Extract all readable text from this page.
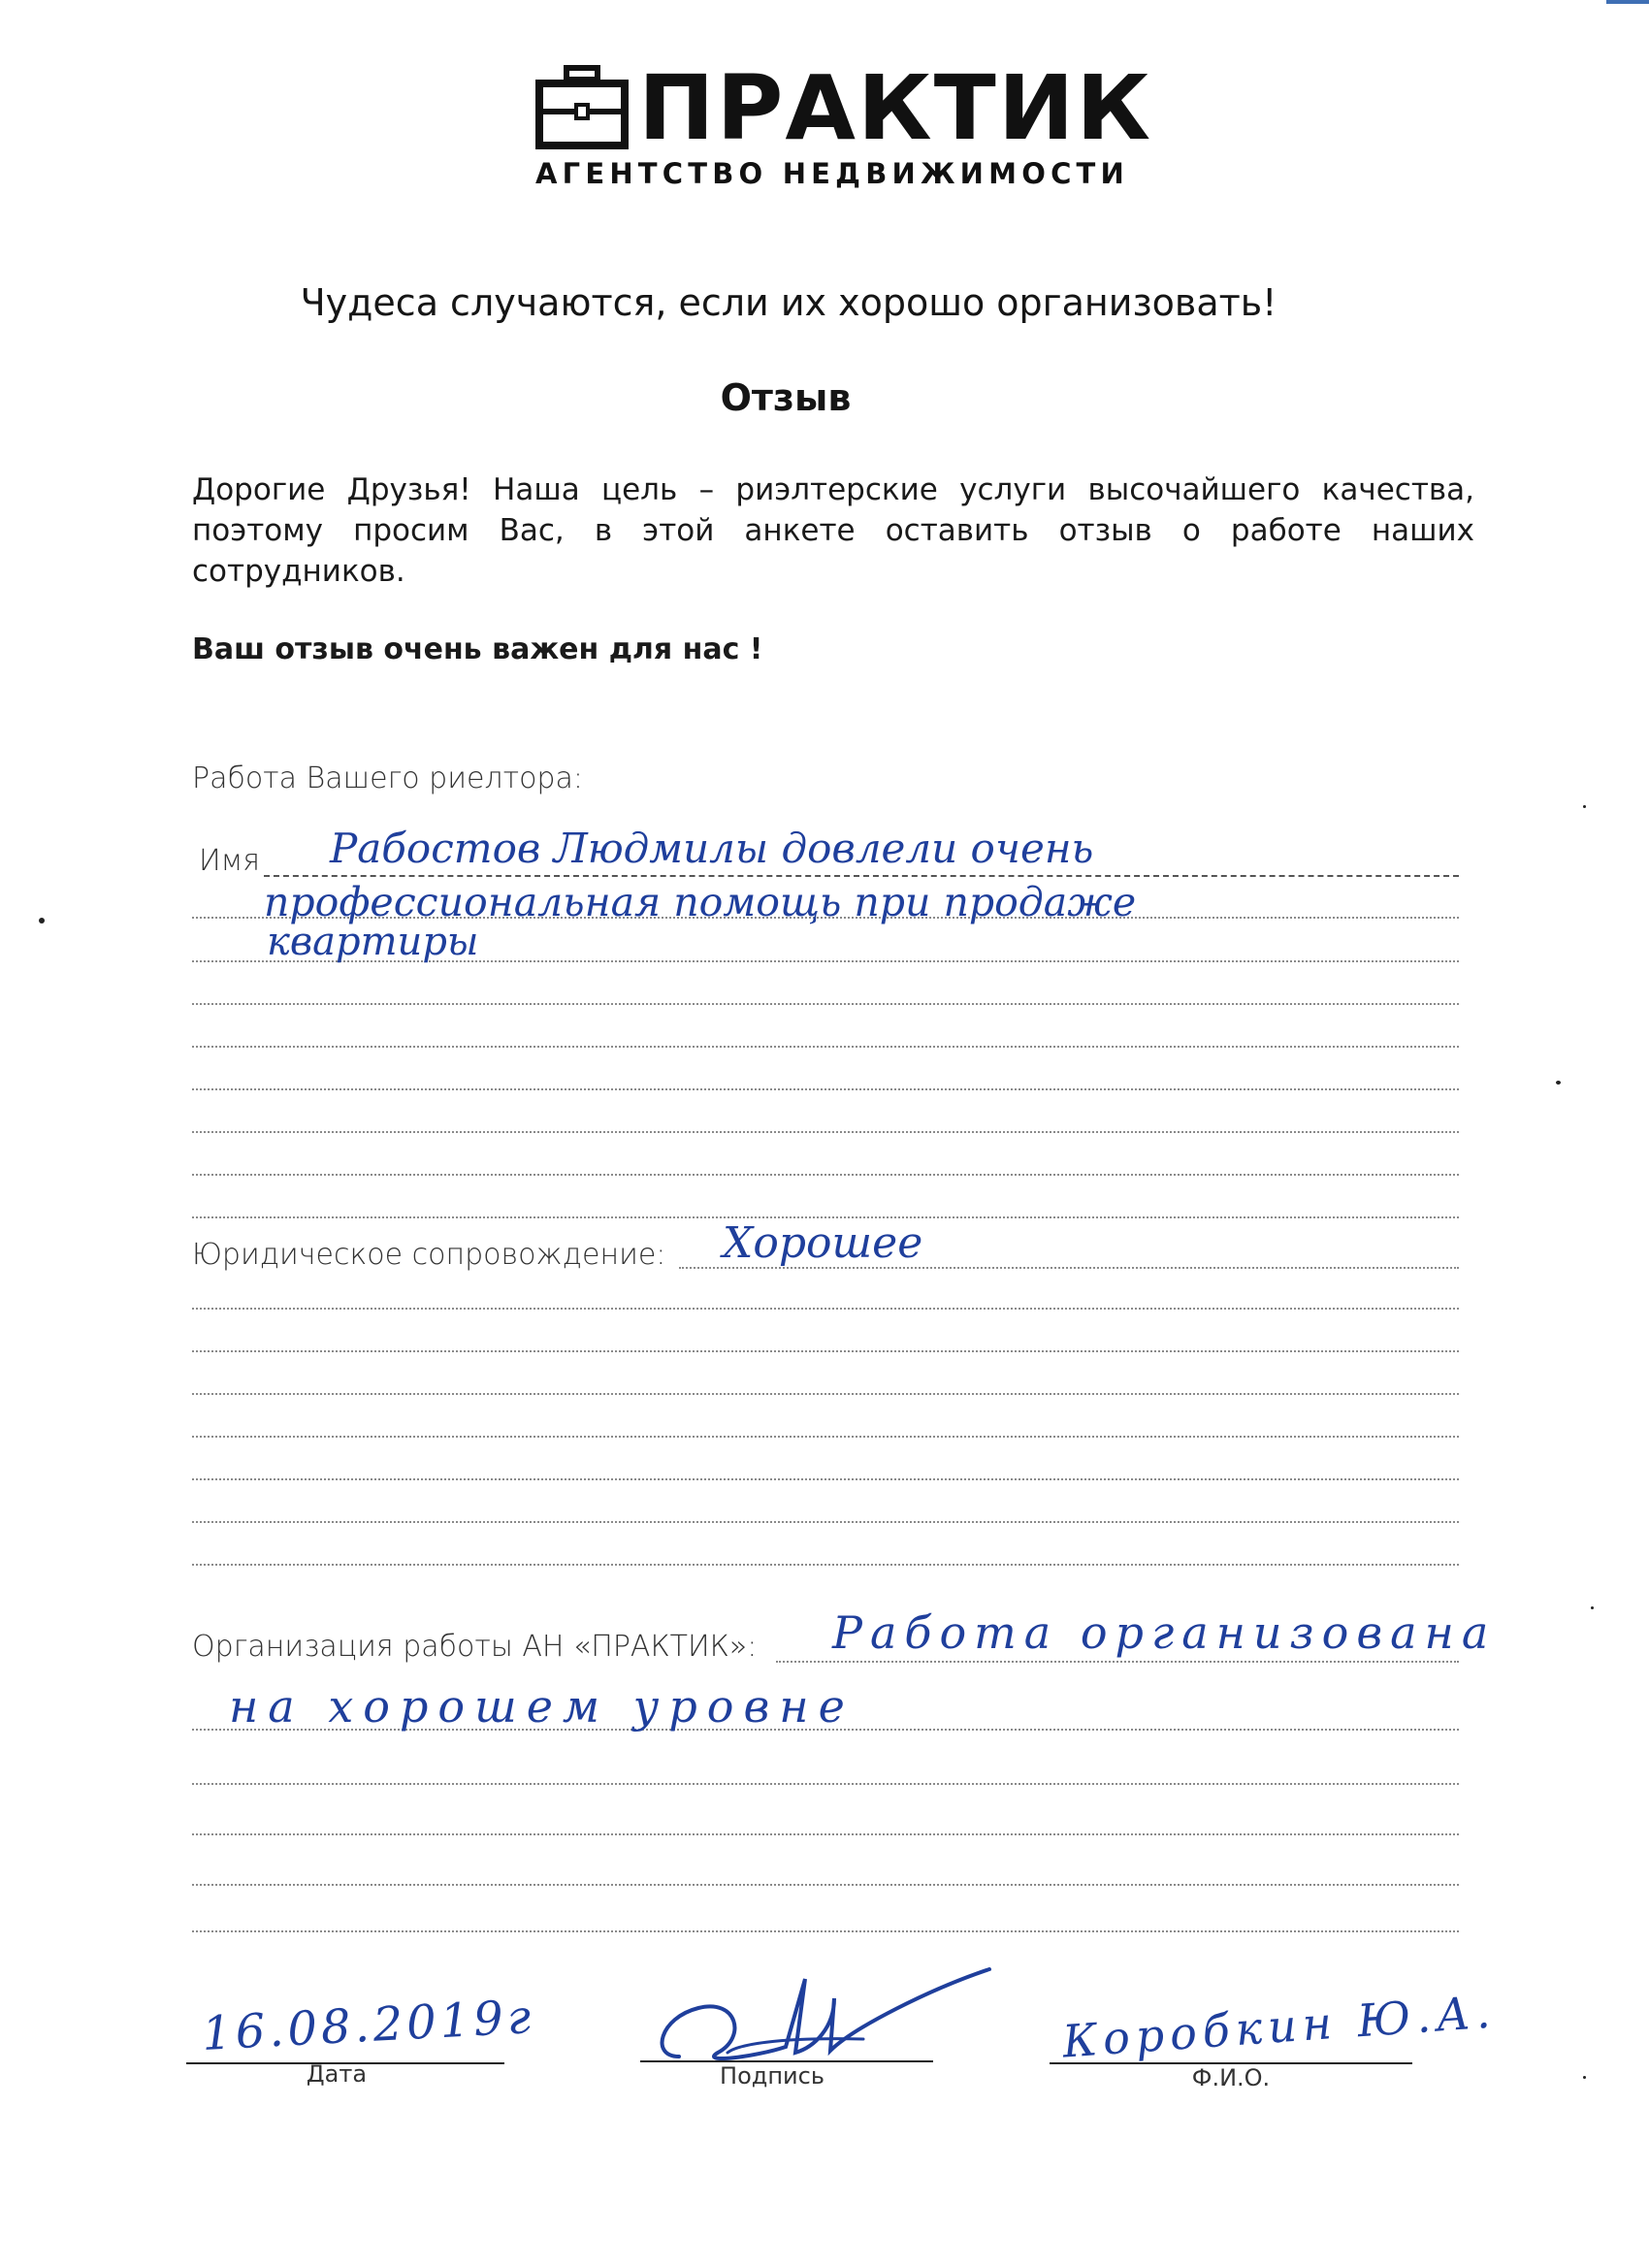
ПРАКТИК
АГЕНТСТВО НЕДВИЖИМОСТИ
Чудеса случаются, если их хорошо организовать!
Отзыв
Дорогие Друзья! Наша цель – риэлтерские услуги высочайшего качества,
поэтому просим Вас, в этой анкете оставить отзыв о работе наших
сотрудников.
Ваш отзыв очень важен для нас !
Работа Вашего риелтора:
Имя Рабостов Людмилы довлели очень
профессиональная помощь при продаже
квартиры
Юридическое сопровождение: Хорошее
Организация работы АН «ПРАКТИК»: Работа организована
на хорошем уровне
16.08.2019г
Дата	Подпись
Коробкин Ю.А.
Ф.И.О.
